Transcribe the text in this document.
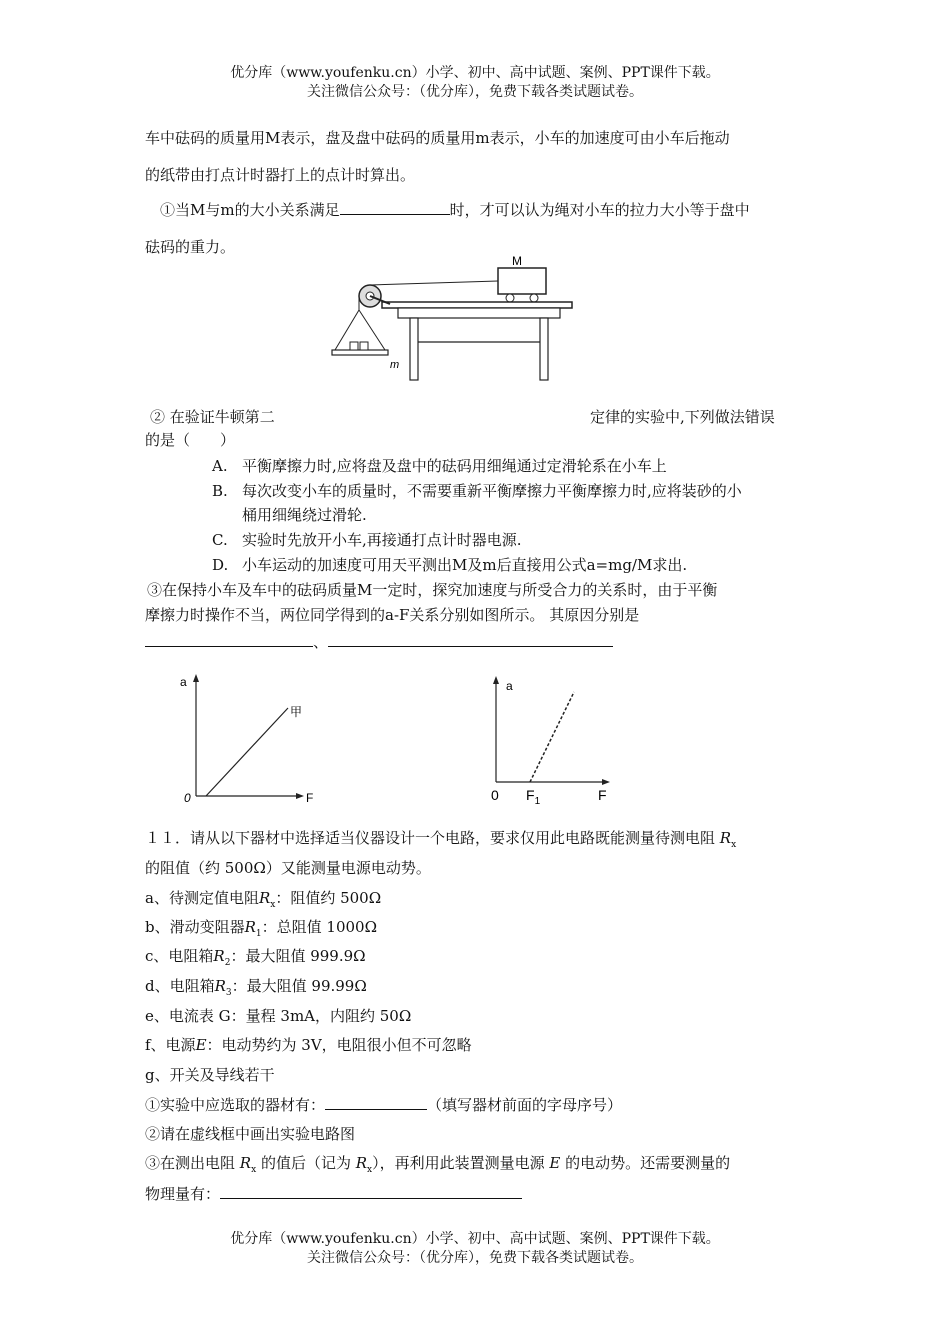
优分库（www.youfenku.cn）小学、初中、高中试题、案例、PPT课件下载。
关注微信公众号：（优分库），免费下载各类试题试卷。
车中砝码的质量用M表示，盘及盘中砝码的质量用m表示，小车的加速度可由小车后拖动
的纸带由打点计时器打上的点计时算出。
①当M与m的大小关系满足	时，才可以认为绳对小车的拉力大小等于盘中
砝码的重力。
M
m
② 在验证牛顿第二	定律的实验中,下列做法错误
的是（　　）
A. 平衡摩擦力时,应将盘及盘中的砝码用细绳通过定滑轮系在小车上
B. 每次改变小车的质量时，不需要重新平衡摩擦力平衡摩擦力时,应将装砂的小
桶用细绳绕过滑轮.
C. 实验时先放开小车,再接通打点计时器电源.
D. 小车运动的加速度可用天平测出M及m后直接用公式a=mg/M求出.
③在保持小车及车中的砝码质量M一定时，探究加速度与所受合力的关系时，由于平衡
摩擦力时操作不当，两位同学得到的a-F关系分别如图所示。 其原因分别是
、
a
F
0
甲
a
F
0 $F_1$
１１．请从以下器材中选择适当仪器设计一个电路，要求仅用此电路既能测量待测电阻 $R_x$
的阻值（约 500Ω）又能测量电源电动势。
a、待测定值电阻$R_x$：阻值约 500Ω
b、滑动变阻器$R_1$：总阻值 1000Ω
c、电阻箱$R_2$：最大阻值 999.9Ω
d、电阻箱$R_3$：最大阻值 99.99Ω
e、电流表 G：量程 3mA，内阻约 50Ω
f、电源E：电动势约为 3V，电阻很小但不可忽略
g、开关及导线若干
①实验中应选取的器材有：	（填写器材前面的字母序号）
②请在虚线框中画出实验电路图
③在测出电阻 $R_x$ 的值后（记为 $R_x$），再利用此装置测量电源 E 的电动势。还需要测量的
物理量有：
优分库（www.youfenku.cn）小学、初中、高中试题、案例、PPT课件下载。
关注微信公众号：（优分库），免费下载各类试题试卷。
